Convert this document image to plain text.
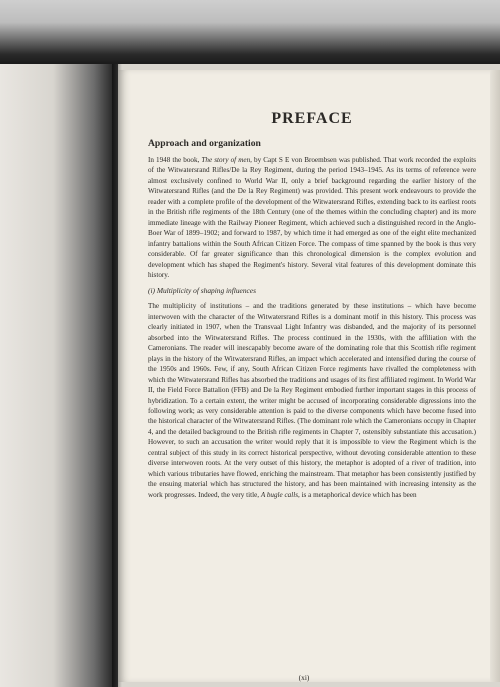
PREFACE
Approach and organization

In 1948 the book, The story of men, by Capt S E von Broembsen was published. That work recorded the exploits of the Witwatersrand Rifles/De la Rey Regiment, during the period 1943–1945. As its terms of reference were almost exclusively confined to World War II, only a brief background regarding the earlier history of the Witwatersrand Rifles (and the De la Rey Regiment) was provided. This present work endeavours to provide the reader with a complete profile of the development of the Witwatersrand Rifles, extending back to its earliest roots in the British rifle regiments of the 18th Century (one of the themes within the concluding chapter) and its more immediate lineage with the Railway Pioneer Regiment, which achieved such a distinguished record in the Anglo-Boer War of 1899–1902; and forward to 1987, by which time it had emerged as one of the eight elite mechanized infantry battalions within the South African Citizen Force. The compass of time spanned by the book is thus very considerable. Of far greater significance than this chronological dimension is the complex evolution and development which has shaped the Regiment's history. Several vital features of this development dominate this history.

(i) Multiplicity of shaping influences

The multiplicity of institutions – and the traditions generated by these institutions – which have become interwoven with the character of the Witwatersrand Rifles is a dominant motif in this history. This process was clearly initiated in 1907, when the Transvaal Light Infantry was disbanded, and the majority of its personnel absorbed into the Witwatersrand Rifles. The process continued in the 1930s, with the affiliation with the Cameronians. The reader will inescapably become aware of the dominating role that this Scottish rifle regiment plays in the history of the Witwatersrand Rifles, an impact which accelerated and intensified during the course of the 1950s and 1960s. Few, if any, South African Citizen Force regiments have rivalled the completeness with which the Witwatersrand Rifles has absorbed the traditions and usages of its first affiliated regiment. In World War II, the Field Force Battalion (FFB) and De la Rey Regiment embodied further important stages in this process of hybridization. To a certain extent, the writer might be accused of incorporating considerable digressions into the following work; as very considerable attention is paid to the diverse components which have become fused into the historical character of the Witwatersrand Rifles. (The dominant role which the Cameronians occupy in Chapter 4, and the detailed background to the British rifle regiments in Chapter 7, ostensibly substantiate this accusation.) However, to such an accusation the writer would reply that it is impossible to view the Regiment which is the central subject of this study in its correct historical perspective, without devoting considerable attention to these diverse interwoven roots. At the very outset of this history, the metaphor is adopted of a river of tradition, into which various tributaries have flowed, enriching the mainstream. That metaphor has been consistently justified by the ensuing material which has structured the history, and has been maintained with increasing intensity as the work progresses. Indeed, the very title, A bugle calls, is a metaphorical device which has been

(xi)
